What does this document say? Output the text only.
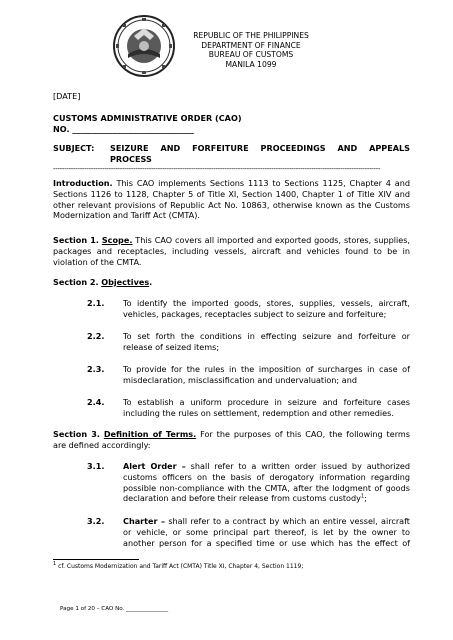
REPUBLIC OF THE PHILIPPINES
DEPARTMENT OF FINANCE
BUREAU OF CUSTOMS
MANILA 1099
[DATE]
CUSTOMS ADMINISTRATIVE ORDER (CAO)
NO. ______________________________
SUBJECT: SEIZURE AND FORFEITURE PROCEEDINGS AND APPEALS
PROCESS
---------------------------------------------------------------------------------------------------------------------------------------------------
Introduction. This CAO implements Sections 1113 to Sections 1125, Chapter 4 and
Sections 1126 to 1128, Chapter 5 of Title XI, Section 1400, Chapter 1 of Title XIV and
other relevant provisions of Republic Act No. 10863, otherwise known as the Customs
Modernization and Tariff Act (CMTA).
Section 1. Scope. This CAO covers all imported and exported goods, stores, supplies,
packages and receptacles, including vessels, aircraft and vehicles found to be in
violation of the CMTA.
Section 2. Objectives.
2.1. To identify the imported goods, stores, supplies, vessels, aircraft,
vehicles, packages, receptacles subject to seizure and forfeiture;
2.2. To set forth the conditions in effecting seizure and forfeiture or
release of seized items;
2.3. To provide for the rules in the imposition of surcharges in case of
misdeclaration, misclassification and undervaluation; and
2.4. To establish a uniform procedure in seizure and forfeiture cases
including the rules on settlement, redemption and other remedies.
Section 3. Definition of Terms. For the purposes of this CAO, the following terms
are defined accordingly:
3.1. Alert Order – shall refer to a written order issued by authorized
customs officers on the basis of derogatory information regarding
possible non-compliance with the CMTA, after the lodgment of goods
declaration and before their release from customs custody$^1$;
3.2. Charter – shall refer to a contract by which an entire vessel, aircraft
or vehicle, or some principal part thereof, is let by the owner to
another person for a specified time or use which has the effect of
$^1$ cf. Customs Modernization and Tariff Act (CMTA) Title XI, Chapter 4, Section 1119;
Page 1 of 20 – CAO No. _______________
